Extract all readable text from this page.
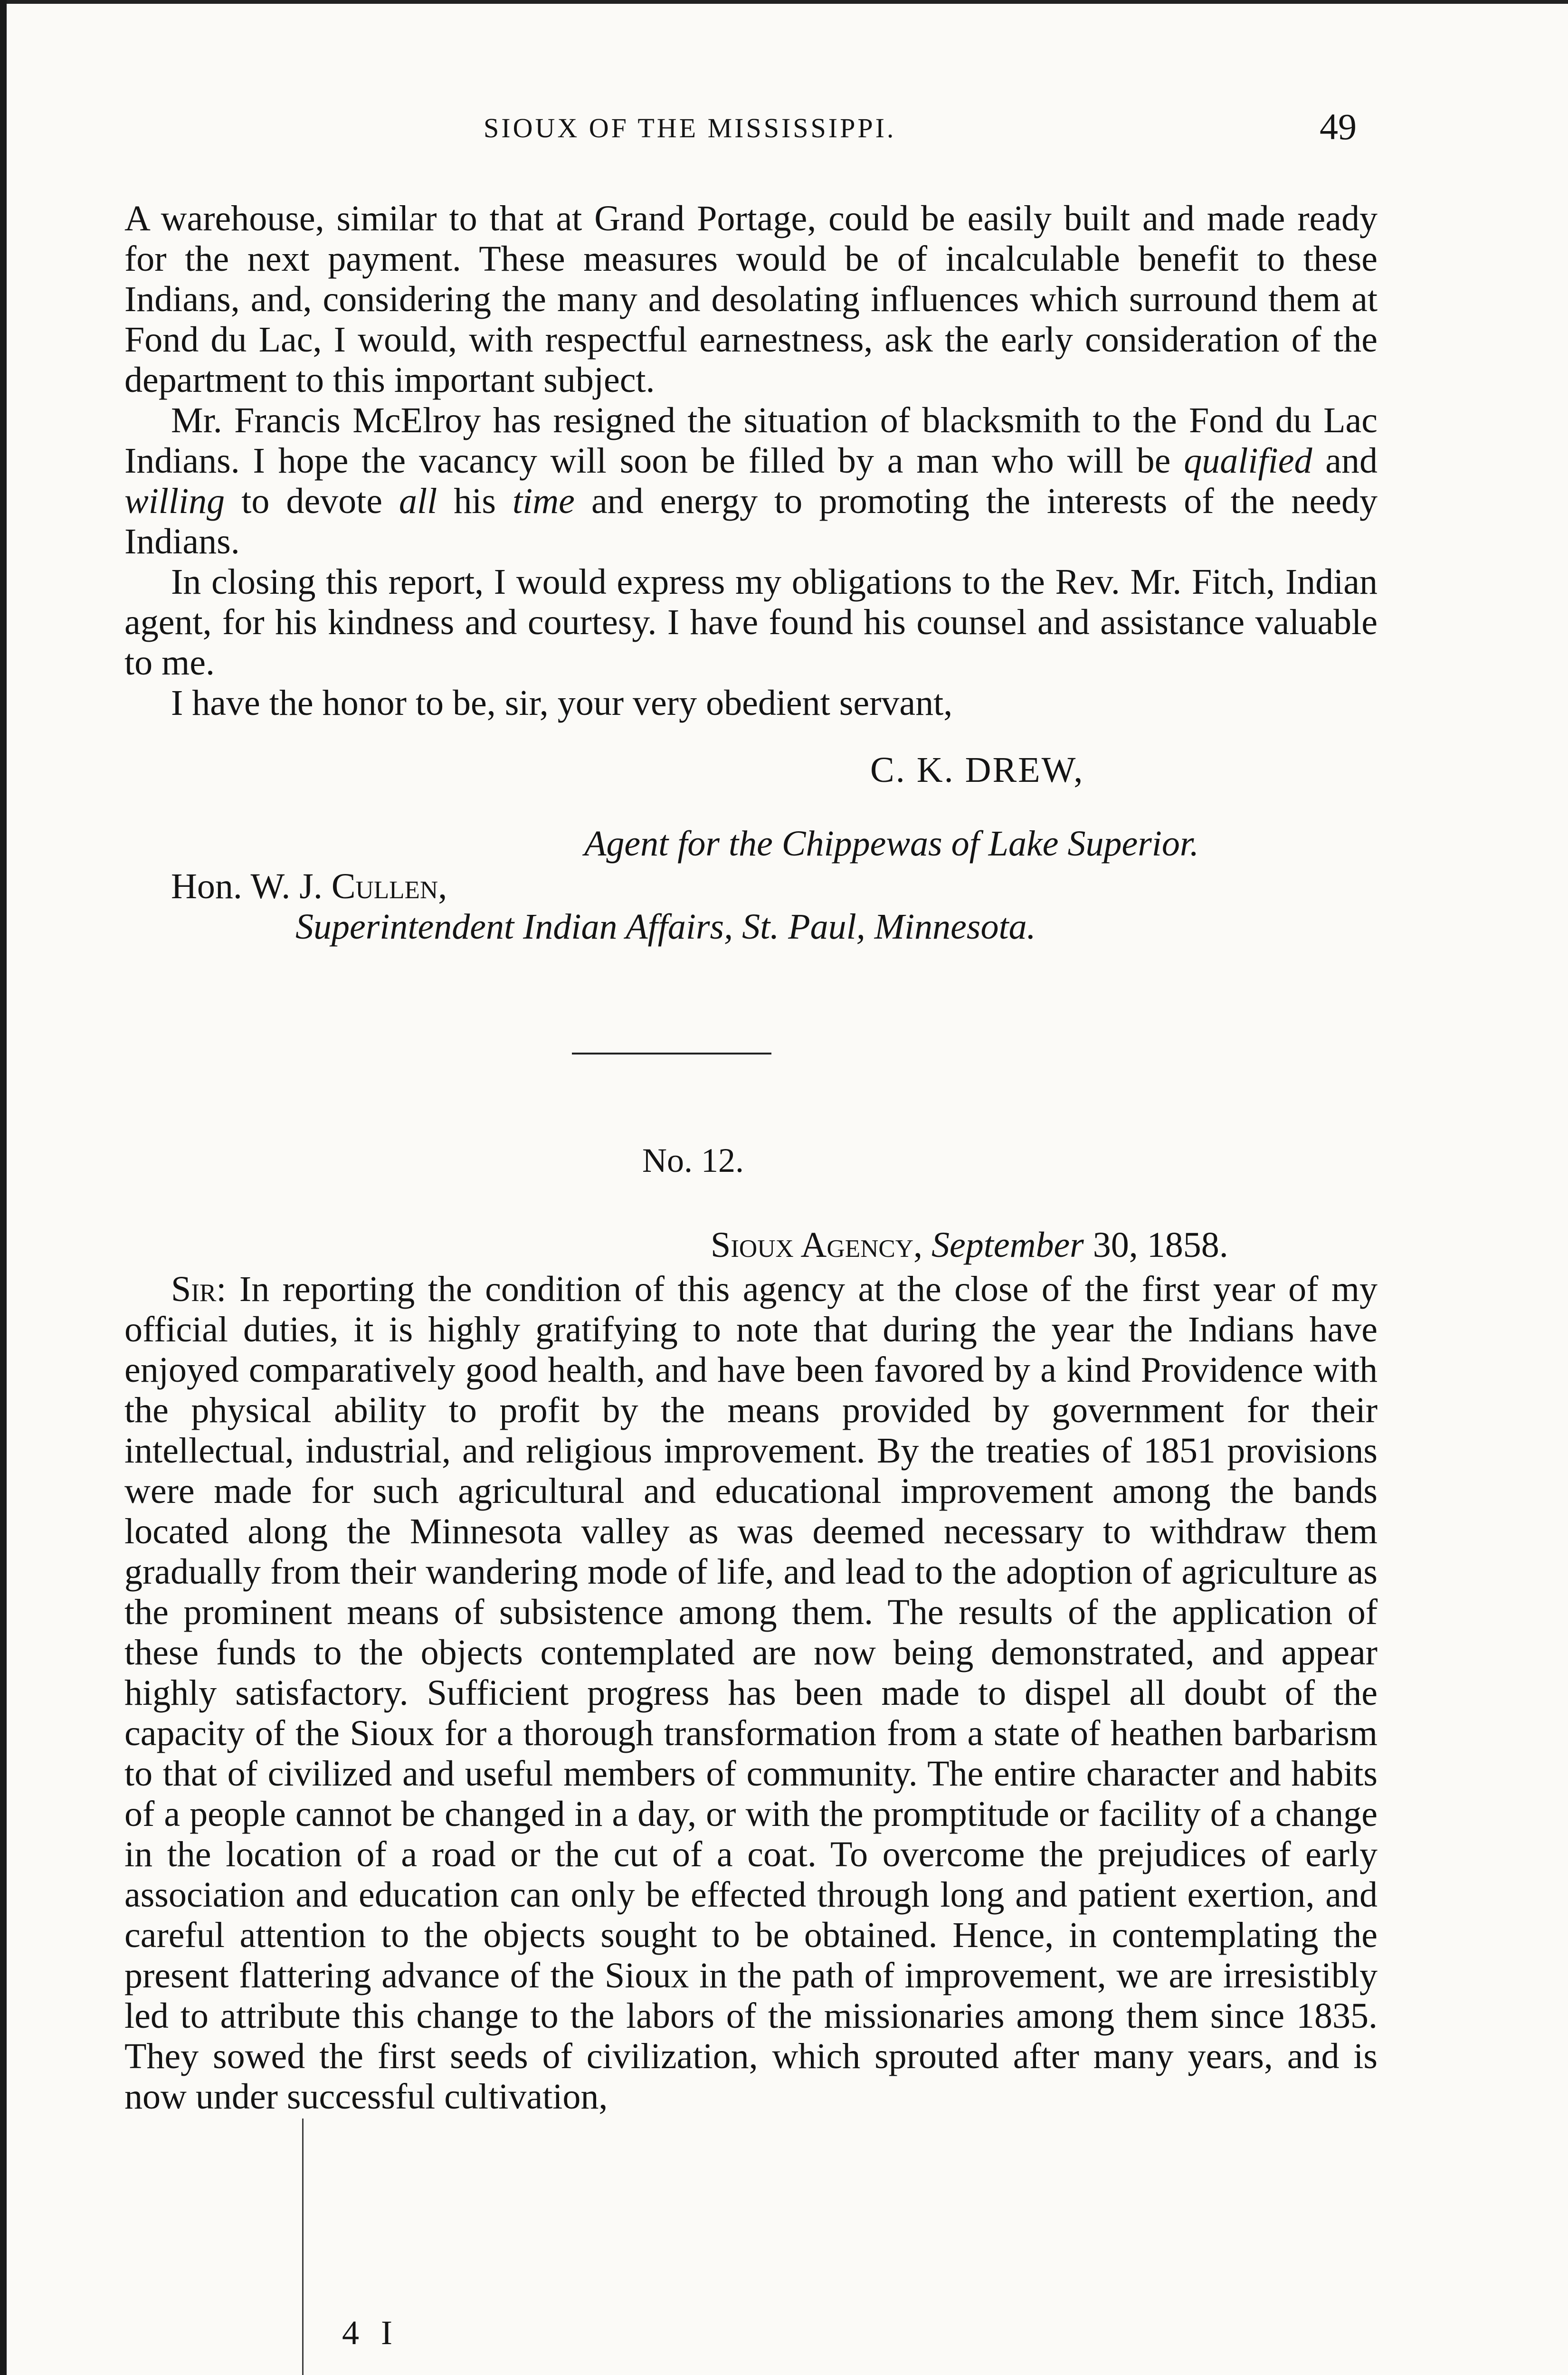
SIOUX OF THE MISSISSIPPI.	49

A warehouse, similar to that at Grand Portage, could be easily built and made ready for the next payment. These measures would be of incalculable benefit to these Indians, and, considering the many and desolating influences which surround them at Fond du Lac, I would, with respectful earnestness, ask the early consideration of the department to this important subject.

Mr. Francis McElroy has resigned the situation of blacksmith to the Fond du Lac Indians. I hope the vacancy will soon be filled by a man who will be qualified and willing to devote all his time and energy to promoting the interests of the needy Indians.

In closing this report, I would express my obligations to the Rev. Mr. Fitch, Indian agent, for his kindness and courtesy. I have found his counsel and assistance valuable to me.

I have the honor to be, sir, your very obedient servant,

C. K. DREW,
Agent for the Chippewas of Lake Superior.
Hon. W. J. Cullen,
Superintendent Indian Affairs, St. Paul, Minnesota.
No. 12.
Sioux Agency, September 30, 1858.

Sir: In reporting the condition of this agency at the close of the first year of my official duties, it is highly gratifying to note that during the year the Indians have enjoyed comparatively good health, and have been favored by a kind Providence with the physical ability to profit by the means provided by government for their intellectual, industrial, and religious improvement. By the treaties of 1851 provisions were made for such agricultural and educational improvement among the bands located along the Minnesota valley as was deemed necessary to withdraw them gradually from their wandering mode of life, and lead to the adoption of agriculture as the prominent means of subsistence among them. The results of the application of these funds to the objects contemplated are now being demonstrated, and appear highly satisfactory. Sufficient progress has been made to dispel all doubt of the capacity of the Sioux for a thorough transformation from a state of heathen barbarism to that of civilized and useful members of community. The entire character and habits of a people cannot be changed in a day, or with the promptitude or facility of a change in the location of a road or the cut of a coat. To overcome the prejudices of early association and education can only be effected through long and patient exertion, and careful attention to the objects sought to be obtained. Hence, in contemplating the present flattering advance of the Sioux in the path of improvement, we are irresistibly led to attribute this change to the labors of the missionaries among them since 1835. They sowed the first seeds of civilization, which sprouted after many years, and is now under successful cultivation,

4 I
